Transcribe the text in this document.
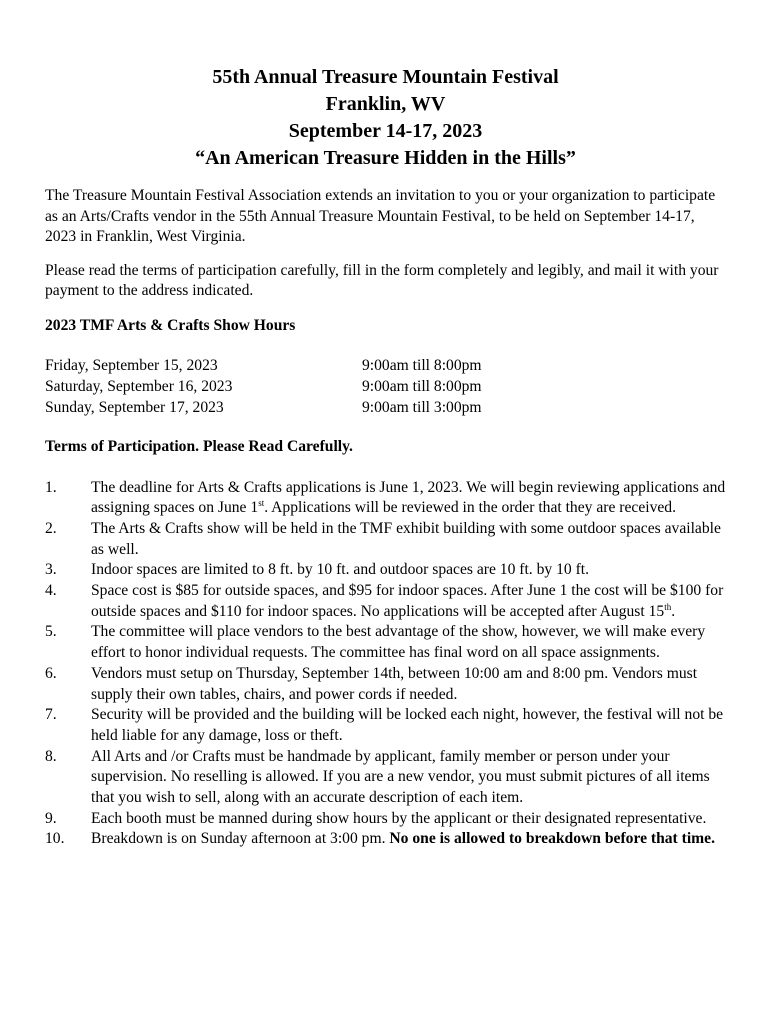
55th Annual Treasure Mountain Festival
Franklin, WV
September 14-17, 2023
“An American Treasure Hidden in the Hills”

The Treasure Mountain Festival Association extends an invitation to you or your organization to participate as an Arts/Crafts vendor in the 55th Annual Treasure Mountain Festival, to be held on September 14-17, 2023 in Franklin, West Virginia.

Please read the terms of participation carefully, fill in the form completely and legibly, and mail it with your payment to the address indicated.

2023 TMF Arts & Crafts Show Hours
Friday, September 15, 2023	9:00am till 8:00pm
Saturday, September 16, 2023	9:00am till 8:00pm
Sunday, September 17, 2023	9:00am till 3:00pm
Terms of Participation. Please Read Carefully.
1.	The deadline for Arts & Crafts applications is June 1, 2023. We will begin reviewing applications and assigning spaces on June 1st. Applications will be reviewed in the order that they are received.
2.	The Arts & Crafts show will be held in the TMF exhibit building with some outdoor spaces available as well.
3.	Indoor spaces are limited to 8 ft. by 10 ft. and outdoor spaces are 10 ft. by 10 ft.
4.	Space cost is $85 for outside spaces, and $95 for indoor spaces. After June 1 the cost will be $100 for outside spaces and $110 for indoor spaces. No applications will be accepted after August 15th.
5.	The committee will place vendors to the best advantage of the show, however, we will make every effort to honor individual requests. The committee has final word on all space assignments.
6.	Vendors must setup on Thursday, September 14th, between 10:00 am and 8:00 pm. Vendors must supply their own tables, chairs, and power cords if needed.
7.	Security will be provided and the building will be locked each night, however, the festival will not be held liable for any damage, loss or theft.
8.	All Arts and /or Crafts must be handmade by applicant, family member or person under your supervision. No reselling is allowed. If you are a new vendor, you must submit pictures of all items that you wish to sell, along with an accurate description of each item.
9.	Each booth must be manned during show hours by the applicant or their designated representative.
10.	Breakdown is on Sunday afternoon at 3:00 pm. No one is allowed to breakdown before that time.
